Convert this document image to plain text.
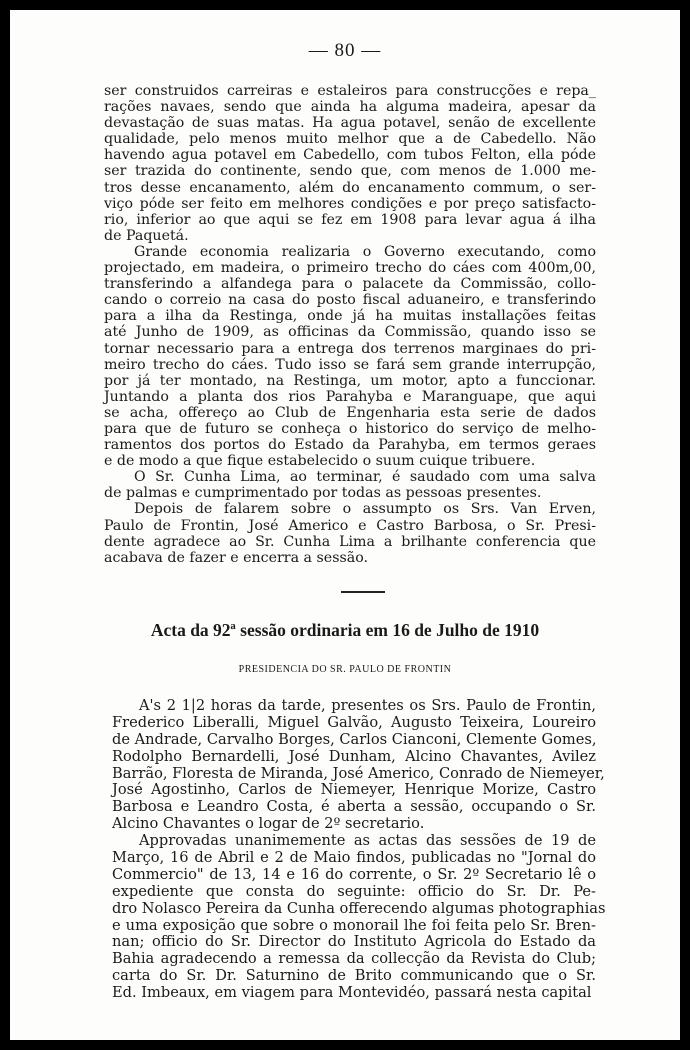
— 80 —
ser construidos carreiras e estaleiros para construcções e repa_
rações navaes, sendo que ainda ha alguma madeira, apesar da
devastação de suas matas. Ha agua potavel, senão de excellente
qualidade, pelo menos muito melhor que a de Cabedello. Não
havendo agua potavel em Cabedello, com tubos Felton, ella póde
ser trazida do continente, sendo que, com menos de 1.000 me-
tros desse encanamento, além do encanamento commum, o ser-
viço póde ser feito em melhores condições e por preço satisfacto-
rio, inferior ao que aqui se fez em 1908 para levar agua á ilha
de Paquetá.
Grande economia realizaria o Governo executando, como
projectado, em madeira, o primeiro trecho do cáes com 400m,00,
transferindo a alfandega para o palacete da Commissão, collo-
cando o correio na casa do posto fiscal aduaneiro, e transferindo
para a ilha da Restinga, onde já ha muitas installações feitas
até Junho de 1909, as officinas da Commissão, quando isso se
tornar necessario para a entrega dos terrenos marginaes do pri-
meiro trecho do cáes. Tudo isso se fará sem grande interrupção,
por já ter montado, na Restinga, um motor, apto a funccionar.
Juntando a planta dos rios Parahyba e Maranguape, que aqui
se acha, offereço ao Club de Engenharia esta serie de dados
para que de futuro se conheça o historico do serviço de melho-
ramentos dos portos do Estado da Parahyba, em termos geraes
e de modo a que fique estabelecido o suum cuique tribuere.
O Sr. Cunha Lima, ao terminar, é saudado com uma salva
de palmas e cumprimentado por todas as pessoas presentes.
Depois de falarem sobre o assumpto os Srs. Van Erven,
Paulo de Frontin, José Americo e Castro Barbosa, o Sr. Presi-
dente agradece ao Sr. Cunha Lima a brilhante conferencia que
acabava de fazer e encerra a sessão.
Acta da 92ª sessão ordinaria em 16 de Julho de 1910
PRESIDENCIA DO SR. PAULO DE FRONTIN
A's 2 1|2 horas da tarde, presentes os Srs. Paulo de Frontin,
Frederico Liberalli, Miguel Galvão, Augusto Teixeira, Loureiro
de Andrade, Carvalho Borges, Carlos Cianconi, Clemente Gomes,
Rodolpho Bernardelli, José Dunham, Alcino Chavantes, Avilez
Barrão, Floresta de Miranda, José Americo, Conrado de Niemeyer,
José Agostinho, Carlos de Niemeyer, Henrique Morize, Castro
Barbosa e Leandro Costa, é aberta a sessão, occupando o Sr.
Alcino Chavantes o logar de 2º secretario.
Approvadas unanimemente as actas das sessões de 19 de
Março, 16 de Abril e 2 de Maio findos, publicadas no "Jornal do
Commercio" de 13, 14 e 16 do corrente, o Sr. 2º Secretario lê o
expediente que consta do seguinte: officio do Sr. Dr. Pe-
dro Nolasco Pereira da Cunha offerecendo algumas photographias
e uma exposição que sobre o monorail lhe foi feita pelo Sr. Bren-
nan; officio do Sr. Director do Instituto Agricola do Estado da
Bahia agradecendo a remessa da collecção da Revista do Club;
carta do Sr. Dr. Saturnino de Brito communicando que o Sr.
Ed. Imbeaux, em viagem para Montevidéo, passará nesta capital
